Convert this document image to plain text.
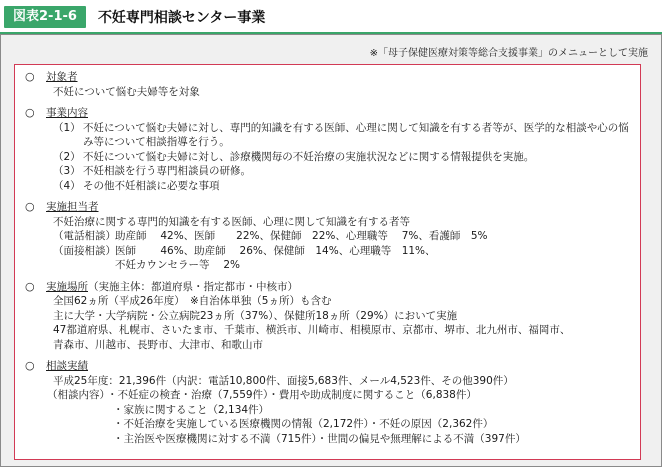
図表2-1-6	不妊専門相談センター事業
※「母子保健医療対策等総合支援事業」のメニューとして実施
○	対象者
不妊について悩む夫婦等を対象
○	事業内容
（1） 不妊について悩む夫婦に対し、専門的知識を有する医師、心理に関して知識を有する者等が、医学的な相談や心の悩み等について相談指導を行う。
（2） 不妊について悩む夫婦に対し、診療機関毎の不妊治療の実施状況などに関する情報提供を実施。
（3） 不妊相談を行う専門相談員の研修。
（4） その他不妊相談に必要な事項
○	実施担当者
不妊治療に関する専門的知識を有する医師、心理に関して知識を有する者等
（電話相談） 助産師　 42%、医師　　22%、保健師　22%、心理職等　 7%、看護師　5%
（面接相談） 医師　　 46%、助産師　 26%、保健師　14%、心理職等　11%、
不妊カウンセラー等　 2%
○	実施場所 （実施主体：都道府県・指定都市・中核市）
全国62ヵ所（平成26年度）　※自治体単独（5ヵ所）も含む
主に大学・大学病院・公立病院23ヵ所（37%）、保健所18ヵ所（29%）において実施
47都道府県、札幌市、さいたま市、千葉市、横浜市、川崎市、相模原市、京都市、堺市、北九州市、福岡市、
青森市、川越市、長野市、大津市、和歌山市
○	相談実績
平成25年度：21,396件（内訳：電話10,800件、面接5,683件、メール4,523件、その他390件）
（相談内容）
・不妊症の検査・治療（7,559件）・費用や助成制度に関すること（6,838件）
・家族に関すること（2,134件）
・不妊治療を実施している医療機関の情報（2,172件）・不妊の原因（2,362件）
・主治医や医療機関に対する不満（715件）・世間の偏見や無理解による不満（397件）
